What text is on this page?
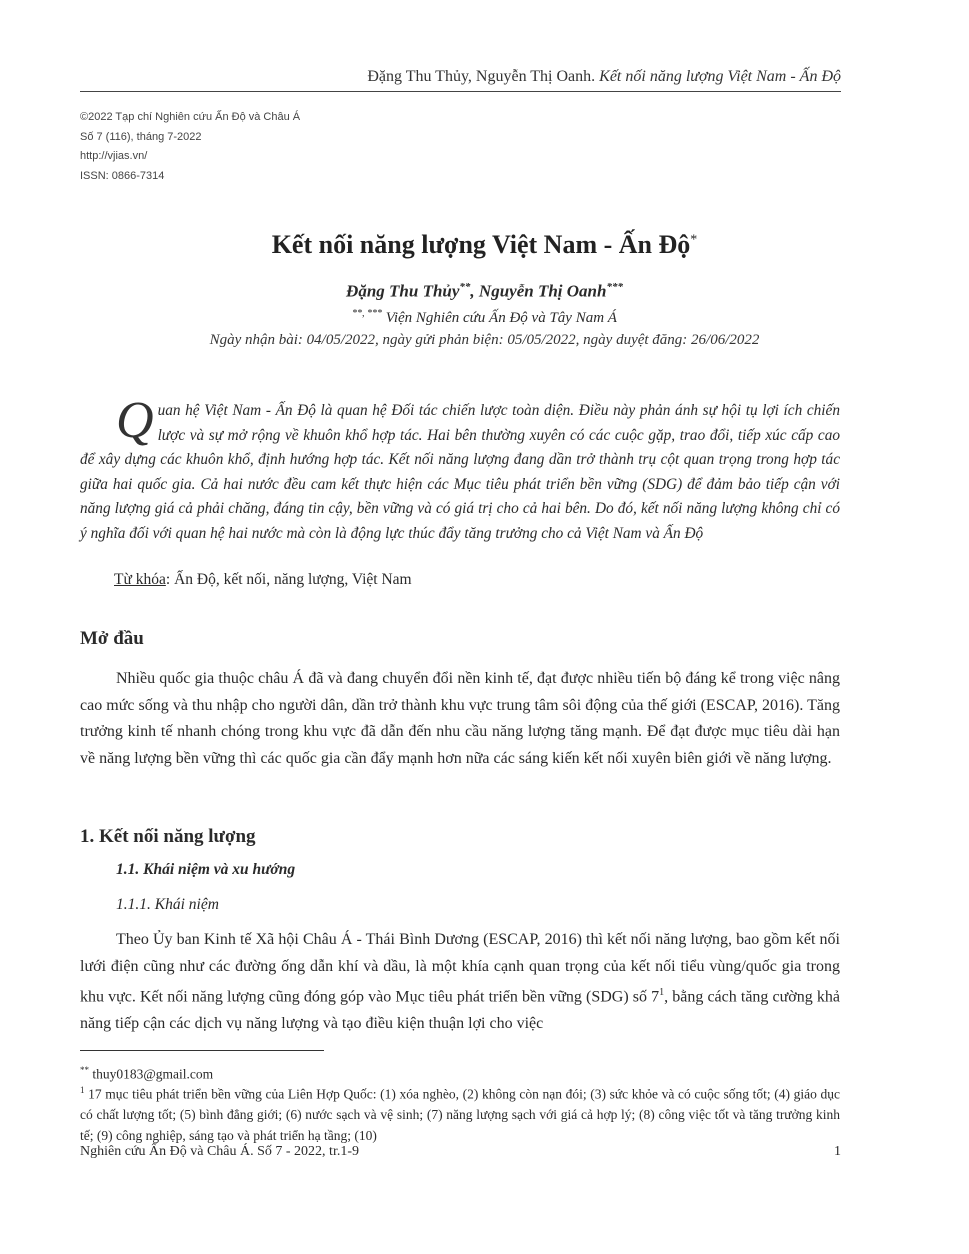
Đặng Thu Thủy, Nguyễn Thị Oanh. Kết nối năng lượng Việt Nam - Ấn Độ
©2022 Tạp chí Nghiên cứu Ấn Độ và Châu Á
Số 7 (116), tháng 7-2022
http://vjias.vn/
ISSN: 0866-7314
Kết nối năng lượng Việt Nam - Ấn Độ*
Đặng Thu Thủy**, Nguyễn Thị Oanh***
**, *** Viện Nghiên cứu Ấn Độ và Tây Nam Á
Ngày nhận bài: 04/05/2022, ngày gửi phản biện: 05/05/2022, ngày duyệt đăng: 26/06/2022
Quan hệ Việt Nam - Ấn Độ là quan hệ Đối tác chiến lược toàn diện. Điều này phản ánh sự hội tụ lợi ích chiến lược và sự mở rộng về khuôn khổ hợp tác. Hai bên thường xuyên có các cuộc gặp, trao đổi, tiếp xúc cấp cao để xây dựng các khuôn khổ, định hướng hợp tác. Kết nối năng lượng đang dần trở thành trụ cột quan trọng trong hợp tác giữa hai quốc gia. Cả hai nước đều cam kết thực hiện các Mục tiêu phát triển bền vững (SDG) để đảm bảo tiếp cận với năng lượng giá cả phải chăng, đáng tin cậy, bền vững và có giá trị cho cả hai bên. Do đó, kết nối năng lượng không chỉ có ý nghĩa đối với quan hệ hai nước mà còn là động lực thúc đẩy tăng trưởng cho cả Việt Nam và Ấn Độ
Từ khóa: Ấn Độ, kết nối, năng lượng, Việt Nam
Mở đầu
Nhiều quốc gia thuộc châu Á đã và đang chuyển đổi nền kinh tế, đạt được nhiều tiến bộ đáng kể trong việc nâng cao mức sống và thu nhập cho người dân, dần trở thành khu vực trung tâm sôi động của thế giới (ESCAP, 2016). Tăng trưởng kinh tế nhanh chóng trong khu vực đã dẫn đến nhu cầu năng lượng tăng mạnh. Để đạt được mục tiêu dài hạn về năng lượng bền vững thì các quốc gia cần đẩy mạnh hơn nữa các sáng kiến kết nối xuyên biên giới về năng lượng.
1. Kết nối năng lượng
1.1. Khái niệm và xu hướng
1.1.1. Khái niệm
Theo Ủy ban Kinh tế Xã hội Châu Á - Thái Bình Dương (ESCAP, 2016) thì kết nối năng lượng, bao gồm kết nối lưới điện cũng như các đường ống dẫn khí và dầu, là một khía cạnh quan trọng của kết nối tiểu vùng/quốc gia trong khu vực. Kết nối năng lượng cũng đóng góp vào Mục tiêu phát triển bền vững (SDG) số $7^1$, bằng cách tăng cường khả năng tiếp cận các dịch vụ năng lượng và tạo điều kiện thuận lợi cho việc
** thuy0183@gmail.com
$^1$ 17 mục tiêu phát triển bền vững của Liên Hợp Quốc: (1) xóa nghèo, (2) không còn nạn đói; (3) sức khỏe và có cuộc sống tốt; (4) giáo dục có chất lượng tốt; (5) bình đẳng giới; (6) nước sạch và vệ sinh; (7) năng lượng sạch với giá cả hợp lý; (8) công việc tốt và tăng trưởng kinh tế; (9) công nghiệp, sáng tạo và phát triển hạ tầng; (10)
Nghiên cứu Ấn Độ và Châu Á. Số 7 - 2022, tr.1-9	1
